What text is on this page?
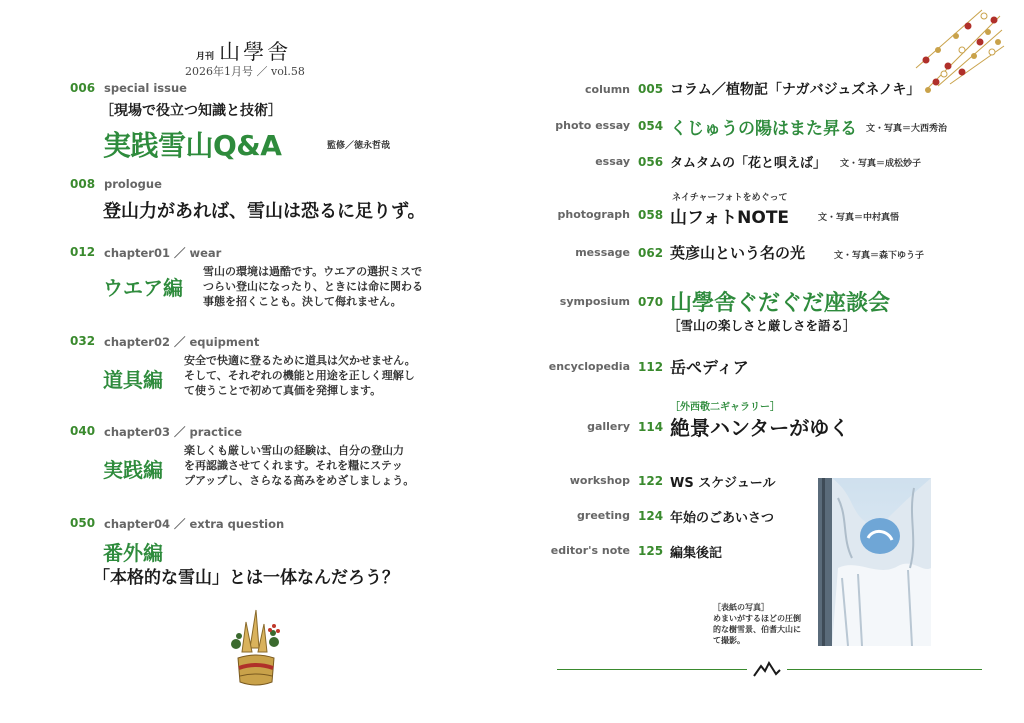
月刊 山學舎
2026年1月号 ／ vol.58
006 special issue
［現場で役立つ知識と技術］
実践雪山Q&A	監修／徳永哲哉
008 prologue
登山力があれば、雪山は恐るに足りず。
012 chapter01 ／ wear
ウエア編
雪山の環境は過酷です。ウエアの選択ミスで
つらい登山になったり、ときには命に関わる
事態を招くことも。決して侮れません。
032 chapter02 ／ equipment
道具編
安全で快適に登るために道具は欠かせません。
そして、それぞれの機能と用途を正しく理解し
て使うことで初めて真価を発揮します。
040 chapter03 ／ practice
実践編
楽しくも厳しい雪山の経験は、自分の登山力
を再認識させてくれます。それを糧にステッ
プアップし、さらなる高みをめざしましょう。
050 chapter04 ／ extra question
番外編
「本格的な雪山」とは一体なんだろう？
column 005 コラム／植物記「ナガバジュズネノキ」
photo essay 054 くじゅうの陽はまた昇る 文・写真＝大西秀治
essay 056 タムタムの「花と唄えば」 文・写真＝成松妙子
ネイチャーフォトをめぐって
photograph 058 山フォトNOTE	文・写真＝中村真悟
message 062 英彦山という名の光	文・写真＝森下ゆう子
symposium 070 山學舎ぐだぐだ座談会
［雪山の楽しさと厳しさを語る］
encyclopedia 112 岳ペディア
［外西敬二ギャラリー］
gallery 114 絶景ハンターがゆく
workshop 122 WS スケジュール
greeting 124 年始のごあいさつ
editor's note 125 編集後記
［表紙の写真］
めまいがするほどの圧倒
的な樹雪景、伯耆大山に
て撮影。
